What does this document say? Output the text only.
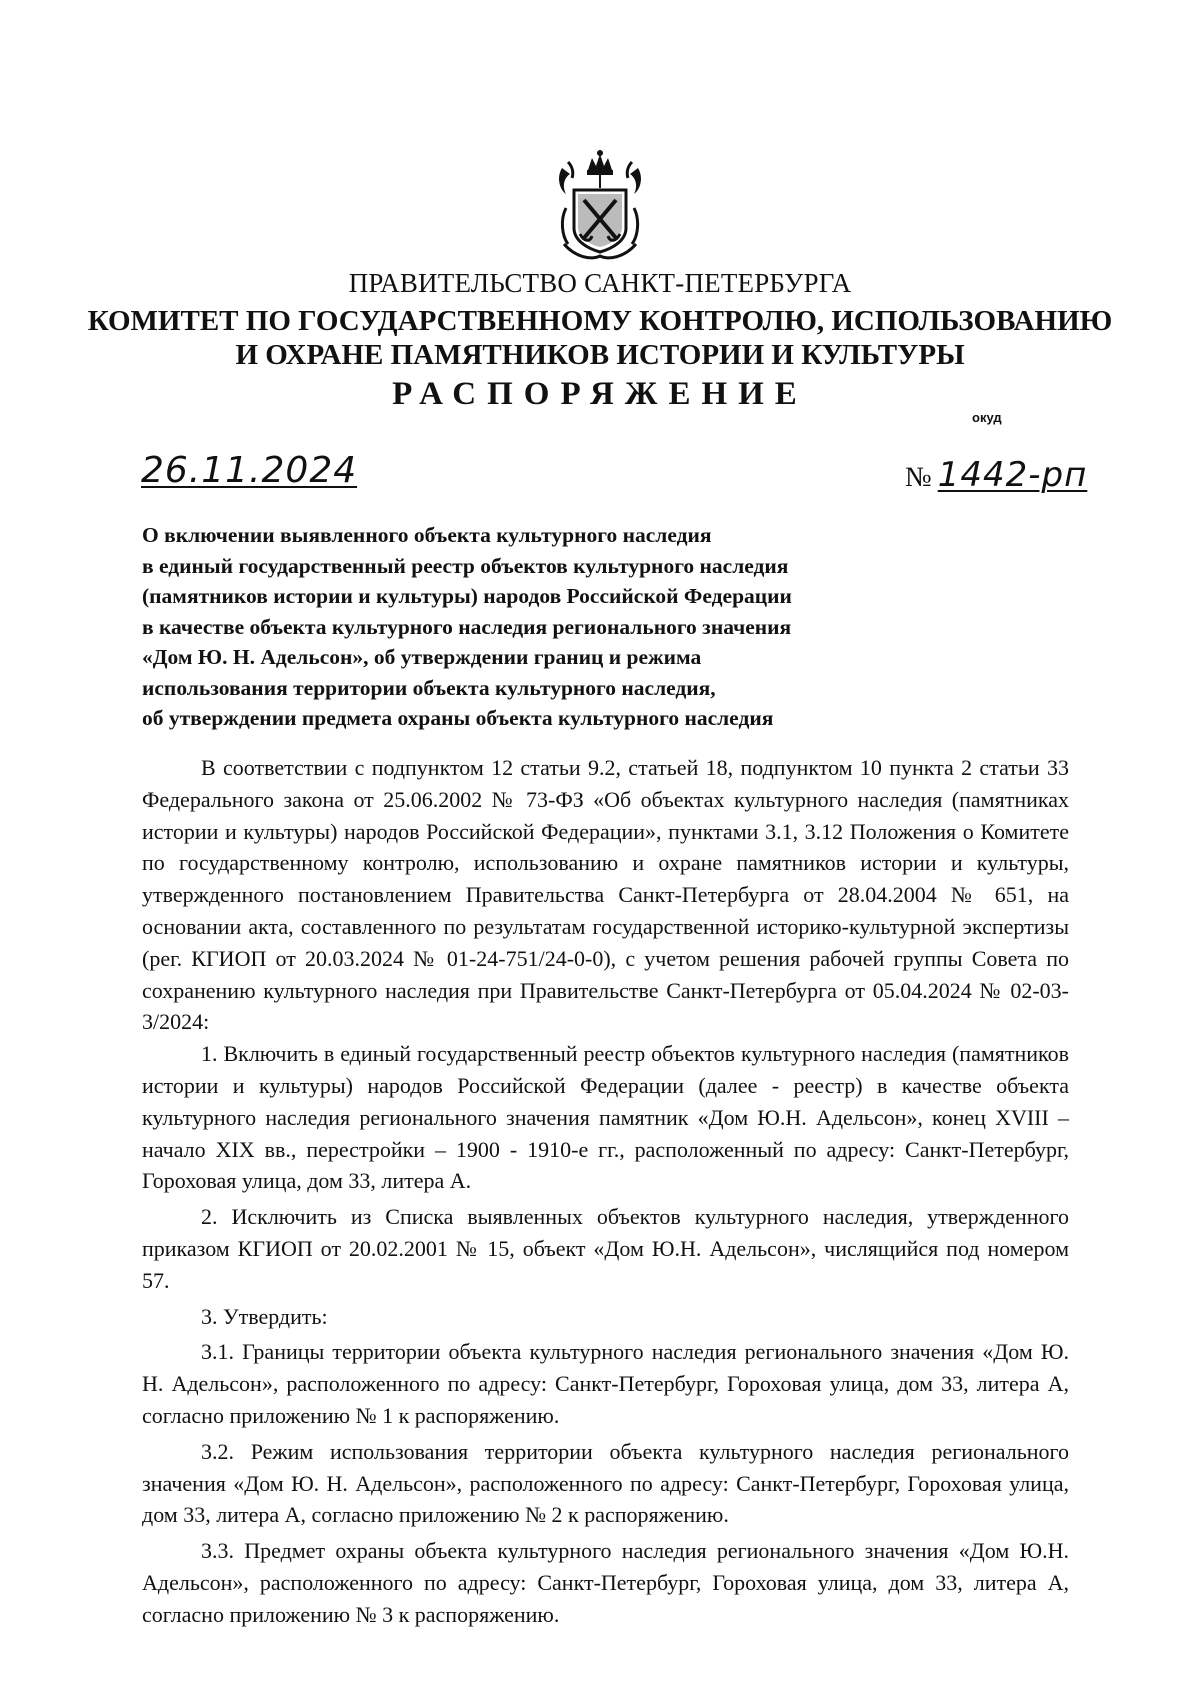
ПРАВИТЕЛЬСТВО САНКТ-ПЕТЕРБУРГА
КОМИТЕТ ПО ГОСУДАРСТВЕННОМУ КОНТРОЛЮ, ИСПОЛЬЗОВАНИЮ
И ОХРАНЕ ПАМЯТНИКОВ ИСТОРИИ И КУЛЬТУРЫ
РАСПОРЯЖЕНИЕ
окуд
26.11.2024	№ 1442-рп
О включении выявленного объекта культурного наследия
в единый государственный реестр объектов культурного наследия
(памятников истории и культуры) народов Российской Федерации
в качестве объекта культурного наследия регионального значения
«Дом Ю. Н. Адельсон», об утверждении границ и режима
использования территории объекта культурного наследия,
об утверждении предмета охраны объекта культурного наследия

В соответствии с подпунктом 12 статьи 9.2, статьей 18, подпунктом 10 пункта 2 статьи 33 Федерального закона от 25.06.2002 № 73-ФЗ «Об объектах культурного наследия (памятниках истории и культуры) народов Российской Федерации», пунктами 3.1, 3.12 Положения о Комитете по государственному контролю, использованию и охране памятников истории и культуры, утвержденного постановлением Правительства Санкт-Петербурга от 28.04.2004 № 651, на основании акта, составленного по результатам государственной историко-культурной экспертизы (рег. КГИОП от 20.03.2024 № 01-24-751/24-0-0), с учетом решения рабочей группы Совета по сохранению культурного наследия при Правительстве Санкт-Петербурга от 05.04.2024 № 02-03-3/2024:

1. Включить в единый государственный реестр объектов культурного наследия (памятников истории и культуры) народов Российской Федерации (далее - реестр) в качестве объекта культурного наследия регионального значения памятник «Дом Ю.Н. Адельсон», конец XVIII – начало XIX вв., перестройки – 1900 - 1910-е гг., расположенный по адресу: Санкт-Петербург, Гороховая улица, дом 33, литера А.

2. Исключить из Списка выявленных объектов культурного наследия, утвержденного приказом КГИОП от 20.02.2001 № 15, объект «Дом Ю.Н. Адельсон», числящийся под номером 57.

3. Утвердить:

3.1. Границы территории объекта культурного наследия регионального значения «Дом Ю. Н. Адельсон», расположенного по адресу: Санкт-Петербург, Гороховая улица, дом 33, литера А, согласно приложению № 1 к распоряжению.

3.2. Режим использования территории объекта культурного наследия регионального значения «Дом Ю. Н. Адельсон», расположенного по адресу: Санкт-Петербург, Гороховая улица, дом 33, литера А, согласно приложению № 2 к распоряжению.

3.3. Предмет охраны объекта культурного наследия регионального значения «Дом Ю.Н. Адельсон», расположенного по адресу: Санкт-Петербург, Гороховая улица, дом 33, литера А, согласно приложению № 3 к распоряжению.
